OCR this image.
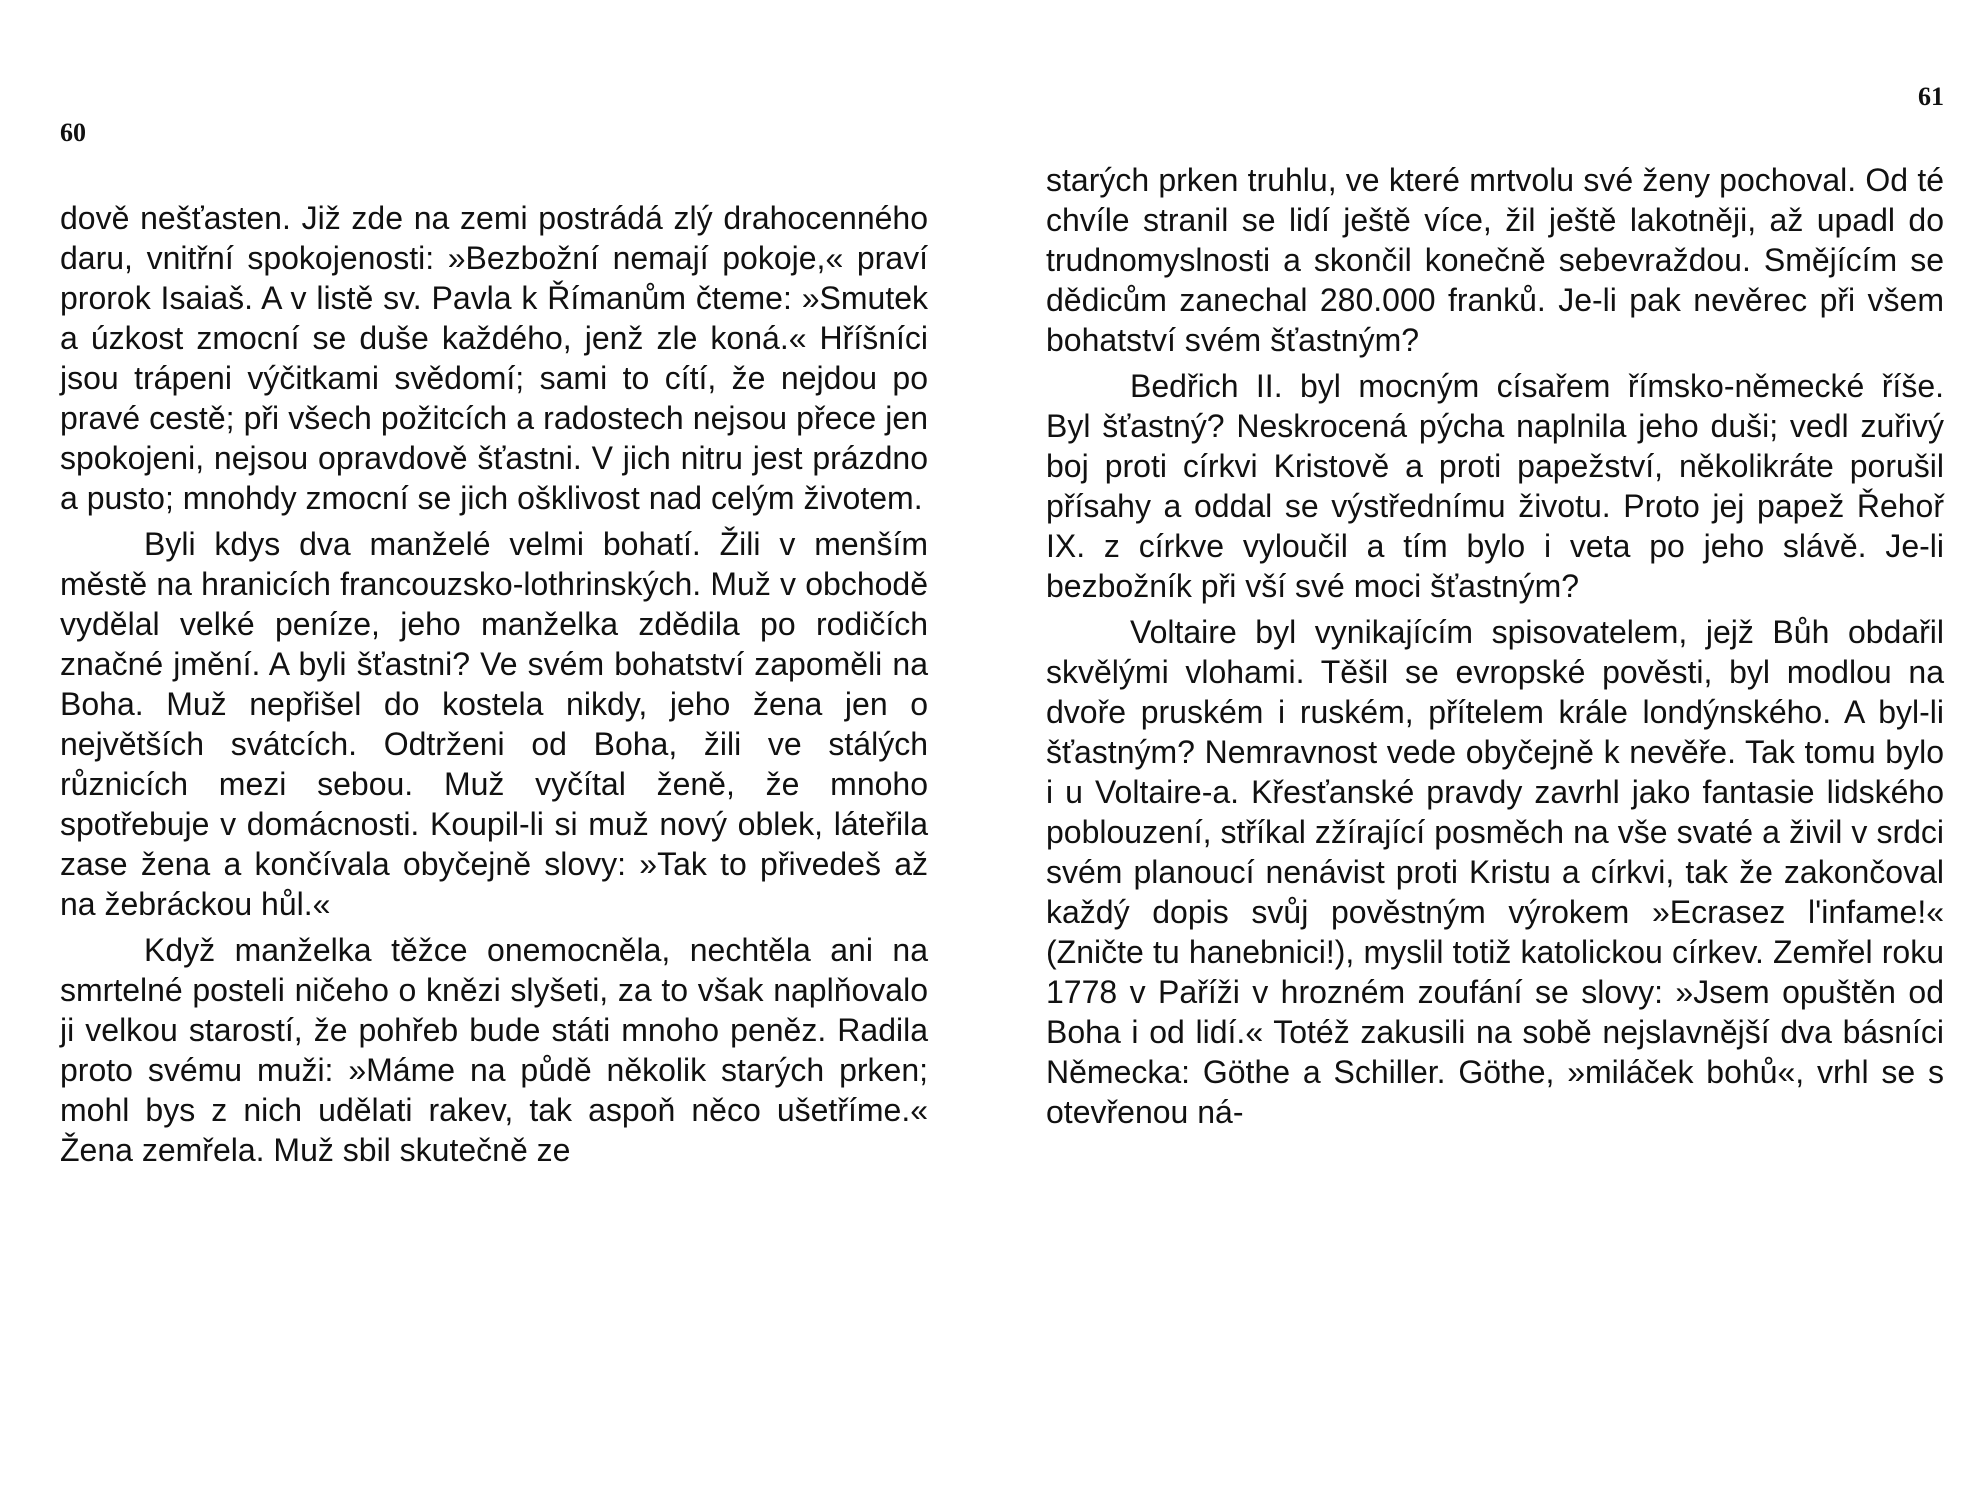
60

dově nešťasten. Již zde na zemi postrádá zlý drahocenného daru, vnitřní spokojenosti: »Bezbožní nemají pokoje,« praví prorok Isaiaš. A v listě sv. Pavla k Římanům čteme: »Smutek a úzkost zmocní se duše každého, jenž zle koná.« Hříšníci jsou trápeni výčitkami svědomí; sami to cítí, že nejdou po pravé cestě; při všech požitcích a radostech nejsou přece jen spokojeni, nejsou opravdově šťastni. V jich nitru jest prázdno a pusto; mnohdy zmocní se jich ošklivost nad celým životem.

Byli kdys dva manželé velmi bohatí. Žili v menším městě na hranicích francouzsko-lothrinských. Muž v obchodě vydělal velké peníze, jeho manželka zdědila po rodičích značné jmění. A byli šťastni? Ve svém bohatství zapoměli na Boha. Muž nepřišel do kostela nikdy, jeho žena jen o největších svátcích. Odtrženi od Boha, žili ve stálých různicích mezi sebou. Muž vyčítal ženě, že mnoho spotřebuje v domácnosti. Koupil-li si muž nový oblek, láteřila zase žena a končívala obyčejně slovy: »Tak to přivedeš až na žebráckou hůl.«

Když manželka těžce onemocněla, nechtěla ani na smrtelné posteli ničeho o knězi slyšeti, za to však naplňovalo ji velkou starostí, že pohřeb bude státi mnoho peněz. Radila proto svému muži: »Máme na půdě několik starých prken; mohl bys z nich udělati rakev, tak aspoň něco ušetříme.« Žena zemřela. Muž sbil skutečně ze

61

starých prken truhlu, ve které mrtvolu své ženy pochoval. Od té chvíle stranil se lidí ještě více, žil ještě lakotněji, až upadl do trudnomyslnosti a skončil konečně sebevraždou. Smějícím se dědicům zanechal 280.000 franků. Je-li pak nevěrec při všem bohatství svém šťastným?

Bedřich II. byl mocným císařem římsko-německé říše. Byl šťastný? Neskrocená pýcha naplnila jeho duši; vedl zuřivý boj proti církvi Kristově a proti papežství, několikráte porušil přísahy a oddal se výstřednímu životu. Proto jej papež Řehoř IX. z církve vyloučil a tím bylo i veta po jeho slávě. Je-li bezbožník při vší své moci šťastným?

Voltaire byl vynikajícím spisovatelem, jejž Bůh obdařil skvělými vlohami. Těšil se evropské pověsti, byl modlou na dvoře pruském i ruském, přítelem krále londýnského. A byl-li šťastným? Nemravnost vede obyčejně k nevěře. Tak tomu bylo i u Voltaire-a. Křesťanské pravdy zavrhl jako fantasie lidského poblouzení, stříkal zžírající posměch na vše svaté a živil v srdci svém planoucí nenávist proti Kristu a církvi, tak že zakončoval každý dopis svůj pověstným výrokem »Ecrasez l'infame!« (Zničte tu hanebnici!), myslil totiž katolickou církev. Zemřel roku 1778 v Paříži v hrozném zoufání se slovy: »Jsem opuštěn od Boha i od lidí.« Totéž zakusili na sobě nejslavnější dva básníci Německa: Göthe a Schiller. Göthe, »miláček bohů«, vrhl se s otevřenou ná-
